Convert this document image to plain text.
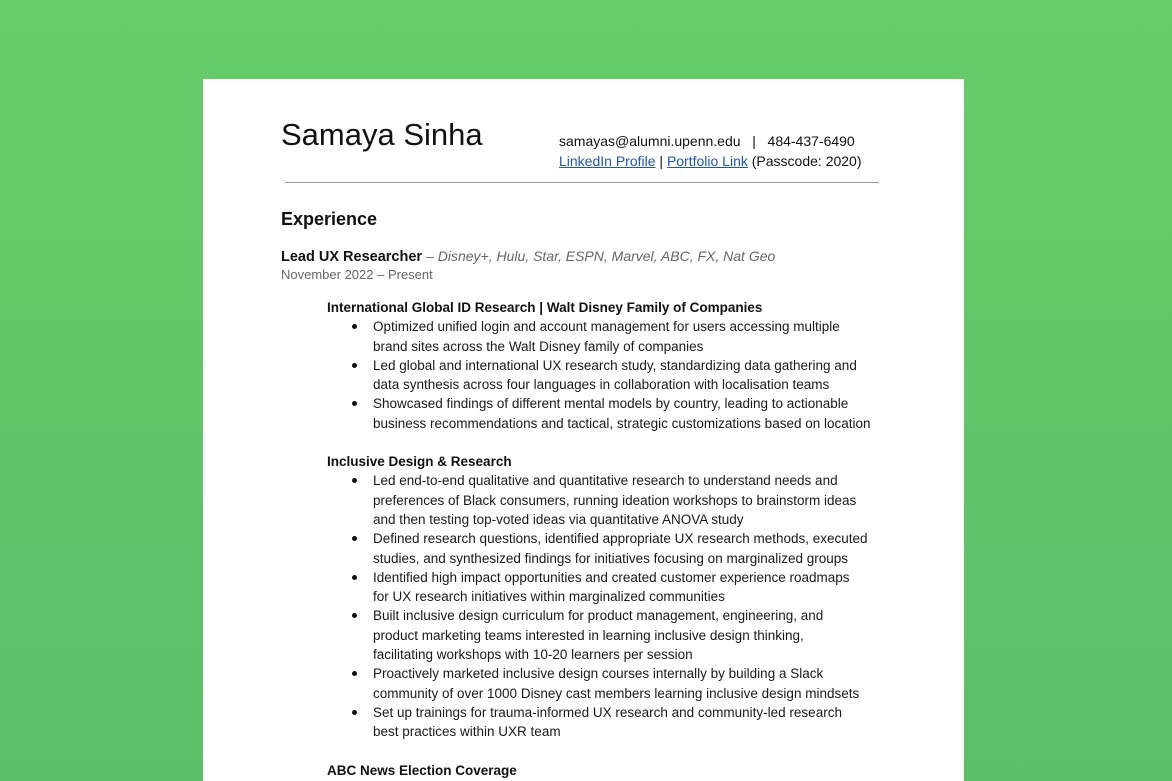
Samaya Sinha	samayas@alumni.upenn.edu | 484-437-6490
LinkedIn Profile | Portfolio Link (Passcode: 2020)
Experience
Lead UX Researcher – Disney+, Hulu, Star, ESPN, Marvel, ABC, FX, Nat Geo
November 2022 – Present
International Global ID Research | Walt Disney Family of Companies
Optimized unified login and account management for users accessing multiple
brand sites across the Walt Disney family of companies
Led global and international UX research study, standardizing data gathering and
data synthesis across four languages in collaboration with localisation teams
Showcased findings of different mental models by country, leading to actionable
business recommendations and tactical, strategic customizations based on location
Inclusive Design & Research
Led end-to-end qualitative and quantitative research to understand needs and
preferences of Black consumers, running ideation workshops to brainstorm ideas
and then testing top-voted ideas via quantitative ANOVA study
Defined research questions, identified appropriate UX research methods, executed
studies, and synthesized findings for initiatives focusing on marginalized groups
Identified high impact opportunities and created customer experience roadmaps
for UX research initiatives within marginalized communities
Built inclusive design curriculum for product management, engineering, and
product marketing teams interested in learning inclusive design thinking,
facilitating workshops with 10-20 learners per session
Proactively marketed inclusive design courses internally by building a Slack
community of over 1000 Disney cast members learning inclusive design mindsets
Set up trainings for trauma-informed UX research and community-led research
best practices within UXR team
ABC News Election Coverage
